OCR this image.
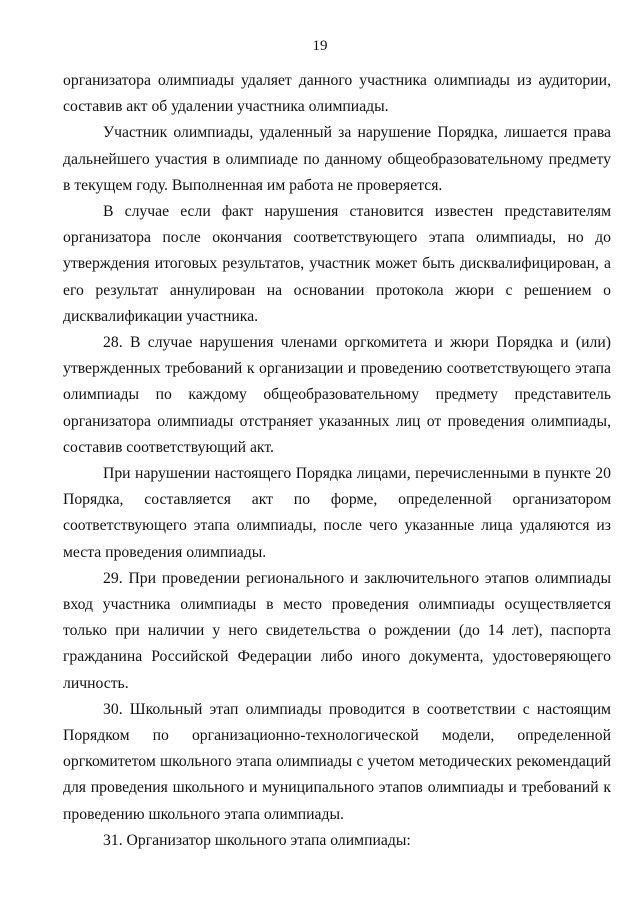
19

организатора олимпиады удаляет данного участника олимпиады из аудитории, составив акт об удалении участника олимпиады.

Участник олимпиады, удаленный за нарушение Порядка, лишается права дальнейшего участия в олимпиаде по данному общеобразовательному предмету в текущем году. Выполненная им работа не проверяется.

В случае если факт нарушения становится известен представителям организатора после окончания соответствующего этапа олимпиады, но до утверждения итоговых результатов, участник может быть дисквалифицирован, а его результат аннулирован на основании протокола жюри с решением о дисквалификации участника.

28. В случае нарушения членами оргкомитета и жюри Порядка и (или) утвержденных требований к организации и проведению соответствующего этапа олимпиады по каждому общеобразовательному предмету представитель организатора олимпиады отстраняет указанных лиц от проведения олимпиады, составив соответствующий акт.

При нарушении настоящего Порядка лицами, перечисленными в пункте 20 Порядка, составляется акт по форме, определенной организатором соответствующего этапа олимпиады, после чего указанные лица удаляются из места проведения олимпиады.

29. При проведении регионального и заключительного этапов олимпиады вход участника олимпиады в место проведения олимпиады осуществляется только при наличии у него свидетельства о рождении (до 14 лет), паспорта гражданина Российской Федерации либо иного документа, удостоверяющего личность.

30. Школьный этап олимпиады проводится в соответствии с настоящим Порядком по организационно-технологической модели, определенной оргкомитетом школьного этапа олимпиады с учетом методических рекомендаций для проведения школьного и муниципального этапов олимпиады и требований к проведению школьного этапа олимпиады.

31. Организатор школьного этапа олимпиады:
